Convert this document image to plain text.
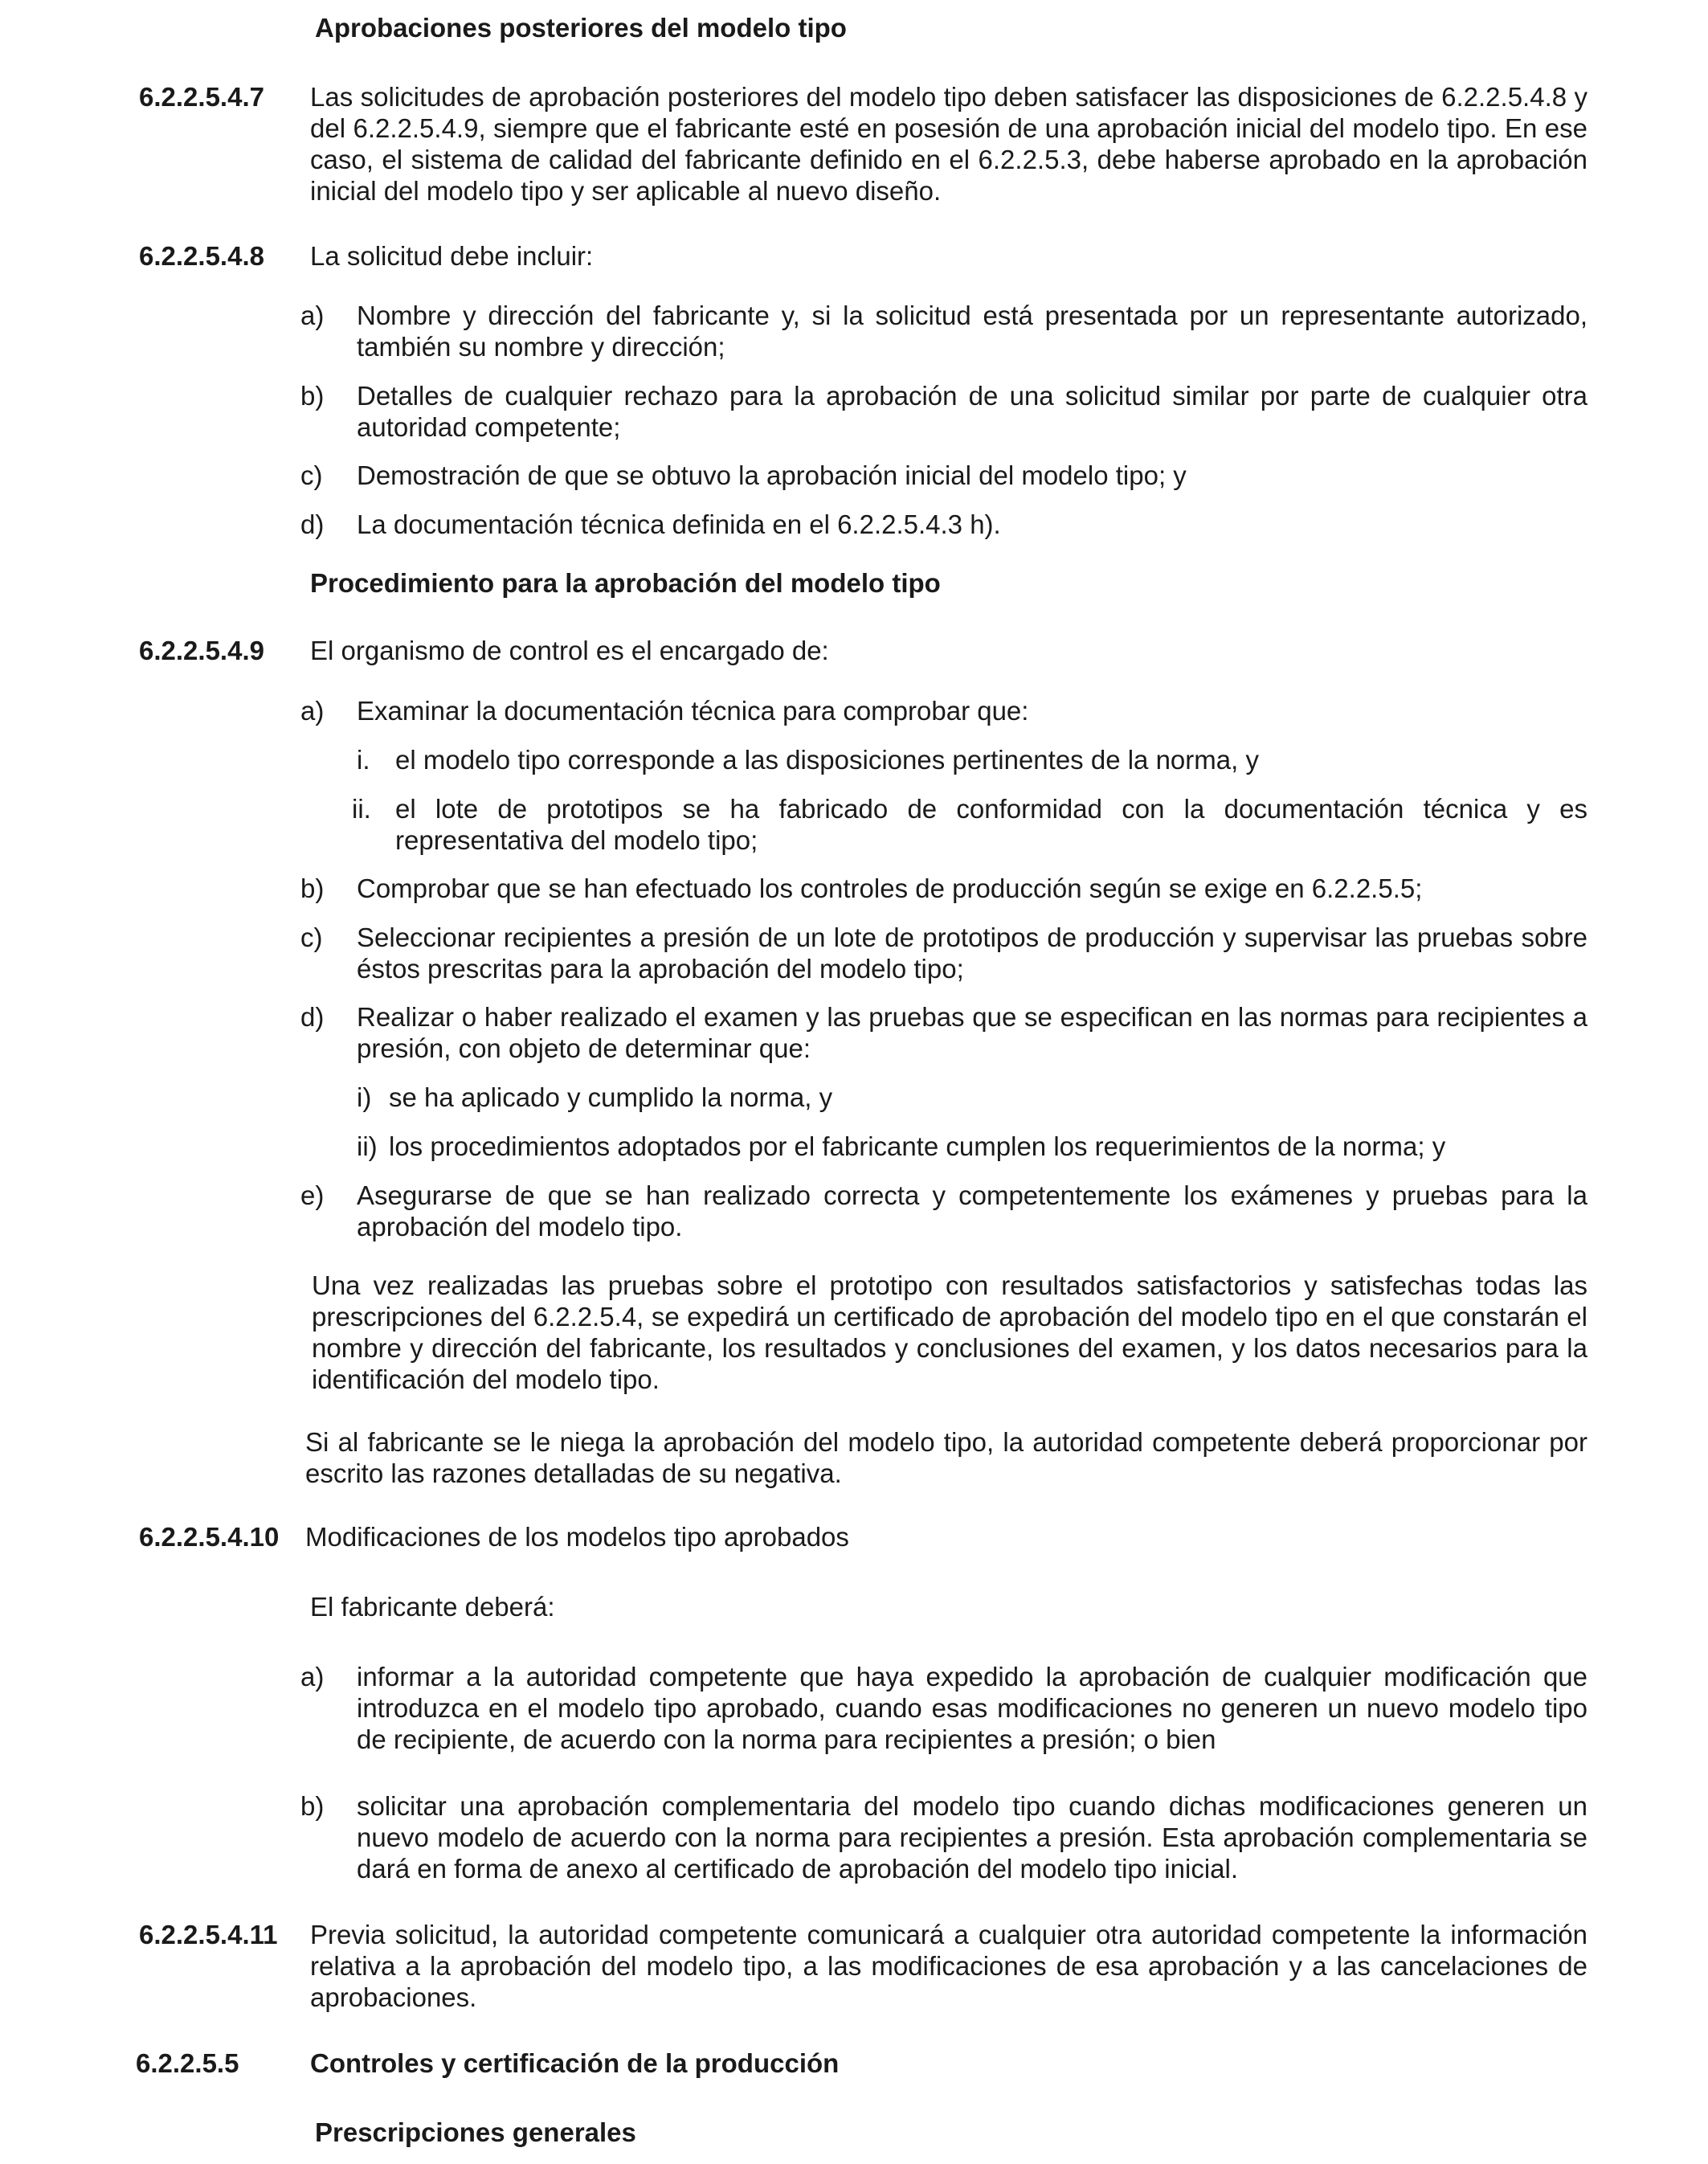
Aprobaciones posteriores del modelo tipo
6.2.2.5.4.7 Las solicitudes de aprobación posteriores del modelo tipo deben satisfacer las disposiciones de 6.2.2.5.4.8 y del 6.2.2.5.4.9, siempre que el fabricante esté en posesión de una aprobación inicial del modelo tipo. En ese caso, el sistema de calidad del fabricante definido en el 6.2.2.5.3, debe haberse aprobado en la aprobación inicial del modelo tipo y ser aplicable al nuevo diseño.
6.2.2.5.4.8 La solicitud debe incluir:
a) Nombre y dirección del fabricante y, si la solicitud está presentada por un representante autorizado, también su nombre y dirección;
b) Detalles de cualquier rechazo para la aprobación de una solicitud similar por parte de cualquier otra autoridad competente;
c) Demostración de que se obtuvo la aprobación inicial del modelo tipo; y
d) La documentación técnica definida en el 6.2.2.5.4.3 h).
Procedimiento para la aprobación del modelo tipo
6.2.2.5.4.9 El organismo de control es el encargado de:
a) Examinar la documentación técnica para comprobar que:
i. el modelo tipo corresponde a las disposiciones pertinentes de la norma, y
ii. el lote de prototipos se ha fabricado de conformidad con la documentación técnica y es representativa del modelo tipo;
b) Comprobar que se han efectuado los controles de producción según se exige en 6.2.2.5.5;
c) Seleccionar recipientes a presión de un lote de prototipos de producción y supervisar las pruebas sobre éstos prescritas para la aprobación del modelo tipo;
d) Realizar o haber realizado el examen y las pruebas que se especifican en las normas para recipientes a presión, con objeto de determinar que:
i) se ha aplicado y cumplido la norma, y
ii) los procedimientos adoptados por el fabricante cumplen los requerimientos de la norma; y
e) Asegurarse de que se han realizado correcta y competentemente los exámenes y pruebas para la aprobación del modelo tipo.
Una vez realizadas las pruebas sobre el prototipo con resultados satisfactorios y satisfechas todas las prescripciones del 6.2.2.5.4, se expedirá un certificado de aprobación del modelo tipo en el que constarán el nombre y dirección del fabricante, los resultados y conclusiones del examen, y los datos necesarios para la identificación del modelo tipo.
Si al fabricante se le niega la aprobación del modelo tipo, la autoridad competente deberá proporcionar por escrito las razones detalladas de su negativa.
6.2.2.5.4.10 Modificaciones de los modelos tipo aprobados
El fabricante deberá:
a) informar a la autoridad competente que haya expedido la aprobación de cualquier modificación que introduzca en el modelo tipo aprobado, cuando esas modificaciones no generen un nuevo modelo tipo de recipiente, de acuerdo con la norma para recipientes a presión; o bien
b) solicitar una aprobación complementaria del modelo tipo cuando dichas modificaciones generen un nuevo modelo de acuerdo con la norma para recipientes a presión. Esta aprobación complementaria se dará en forma de anexo al certificado de aprobación del modelo tipo inicial.
6.2.2.5.4.11 Previa solicitud, la autoridad competente comunicará a cualquier otra autoridad competente la información relativa a la aprobación del modelo tipo, a las modificaciones de esa aprobación y a las cancelaciones de aprobaciones.
6.2.2.5.5	Controles y certificación de la producción
Prescripciones generales
